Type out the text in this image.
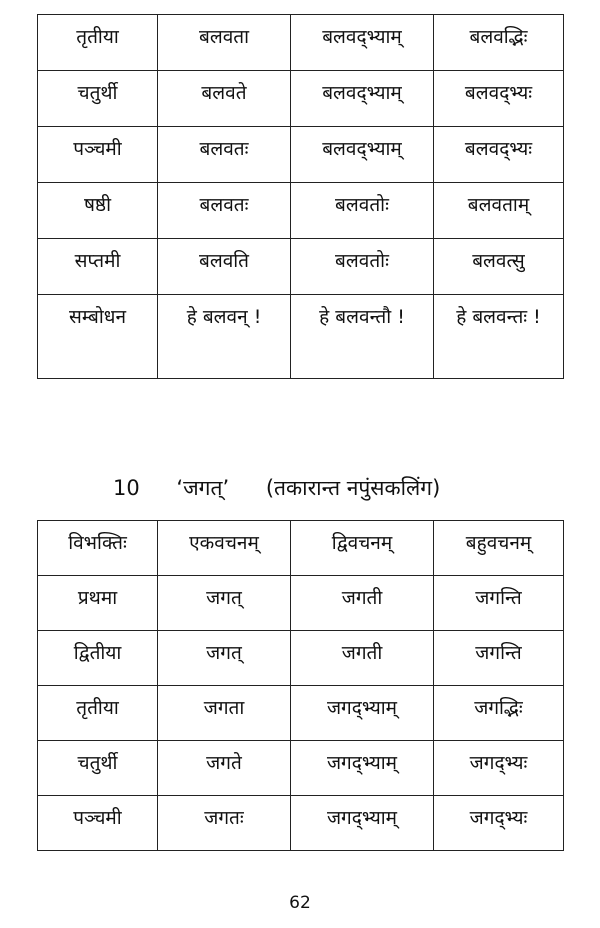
तृतीया	बलवता	बलवद्भ्याम्	बलवद्भिः
चतुर्थी	बलवते	बलवद्भ्याम्	बलवद्भ्यः
पञ्चमी	बलवतः	बलवद्भ्याम्	बलवद्भ्यः
षष्ठी	बलवतः	बलवतोः	बलवताम्
सप्तमी	बलवति	बलवतोः	बलवत्सु
सम्बोधन	हे बलवन् !	हे बलवन्तौ !	हे बलवन्तः !
10 ‘जगत्’ (तकारान्त नपुंसकलिंग)
विभक्तिः	एकवचनम्	द्विवचनम्	बहुवचनम्
प्रथमा	जगत्	जगती	जगन्ति
द्वितीया	जगत्	जगती	जगन्ति
तृतीया	जगता	जगद्भ्याम्	जगद्भिः
चतुर्थी	जगते	जगद्भ्याम्	जगद्भ्यः
पञ्चमी	जगतः	जगद्भ्याम्	जगद्भ्यः
62
